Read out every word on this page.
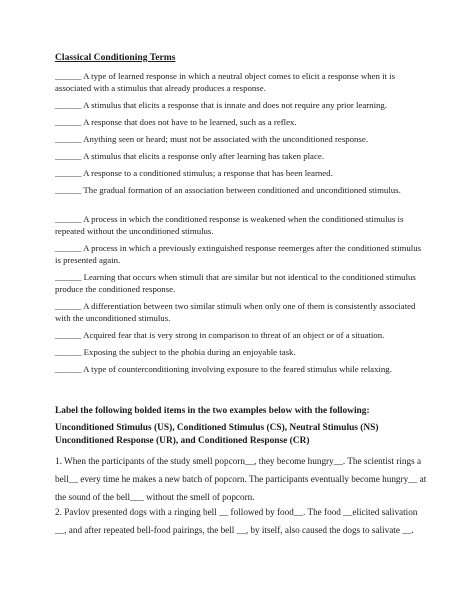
Classical Conditioning Terms
______ A type of learned response in which a neutral object comes to elicit a response when it is associated with a stimulus that already produces a response.
______ A stimulus that elicits a response that is innate and does not require any prior learning.
______ A response that does not have to be learned, such as a reflex.
______ Anything seen or heard; must not be associated with the unconditioned response.
______ A stimulus that elicits a response only after learning has taken place.
______ A response to a conditioned stimulus; a response that has been learned.
______ The gradual formation of an association between conditioned and unconditioned stimulus.
______ A process in which the conditioned response is weakened when the conditioned stimulus is repeated without the unconditioned stimulus.
______ A process in which a previously extinguished response reemerges after the conditioned stimulus is presented again.
______ Learning that occurs when stimuli that are similar but not identical to the conditioned stimulus produce the conditioned response.
______ A differentiation between two similar stimuli when only one of them is consistently associated with the unconditioned stimulus.
______ Acquired fear that is very strong in comparison to threat of an object or of a situation.
______ Exposing the subject to the phobia during an enjoyable task.
______ A type of counterconditioning involving exposure to the feared stimulus while relaxing.
Label the following bolded items in the two examples below with the following:
Unconditioned Stimulus (US), Conditioned Stimulus (CS), Neutral Stimulus (NS) Unconditioned Response (UR), and Conditioned Response (CR)
1. When the participants of the study smell popcorn__, they become hungry__. The scientist rings a bell__ every time he makes a new batch of popcorn. The participants eventually become hungry__ at the sound of the bell___ without the smell of popcorn.
2. Pavlov presented dogs with a ringing bell __ followed by food__. The food __elicited salivation __, and after repeated bell-food pairings, the bell __, by itself, also caused the dogs to salivate __.
